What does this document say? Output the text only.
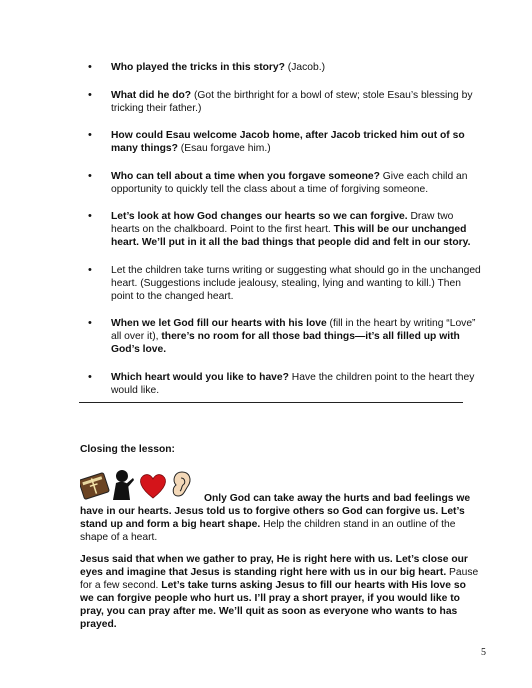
• Who played the tricks in this story? (Jacob.)
• What did he do? (Got the birthright for a bowl of stew; stole Esau’s blessing by tricking their father.)
• How could Esau welcome Jacob home, after Jacob tricked him out of so many things? (Esau forgave him.)
• Who can tell about a time when you forgave someone? Give each child an opportunity to quickly tell the class about a time of forgiving someone.
• Let’s look at how God changes our hearts so we can forgive. Draw two hearts on the chalkboard. Point to the first heart. This will be our unchanged heart. We’ll put in it all the bad things that people did and felt in our story.
• Let the children take turns writing or suggesting what should go in the unchanged heart. (Suggestions include jealousy, stealing, lying and wanting to kill.) Then point to the changed heart.
• When we let God fill our hearts with his love (fill in the heart by writing “Love” all over it), there’s no room for all those bad things—it’s all filled up with God’s love.
• Which heart would you like to have? Have the children point to the heart they would like.
Closing the lesson:

Only God can take away the hurts and bad feelings we have in our hearts. Jesus told us to forgive others so God can forgive us. Let’s stand up and form a big heart shape. Help the children stand in an outline of the shape of a heart.

Jesus said that when we gather to pray, He is right here with us. Let’s close our eyes and imagine that Jesus is standing right here with us in our big heart. Pause for a few second. Let’s take turns asking Jesus to fill our hearts with His love so we can forgive people who hurt us. I’ll pray a short prayer, if you would like to pray, you can pray after me. We’ll quit as soon as everyone who wants to has prayed.

5
